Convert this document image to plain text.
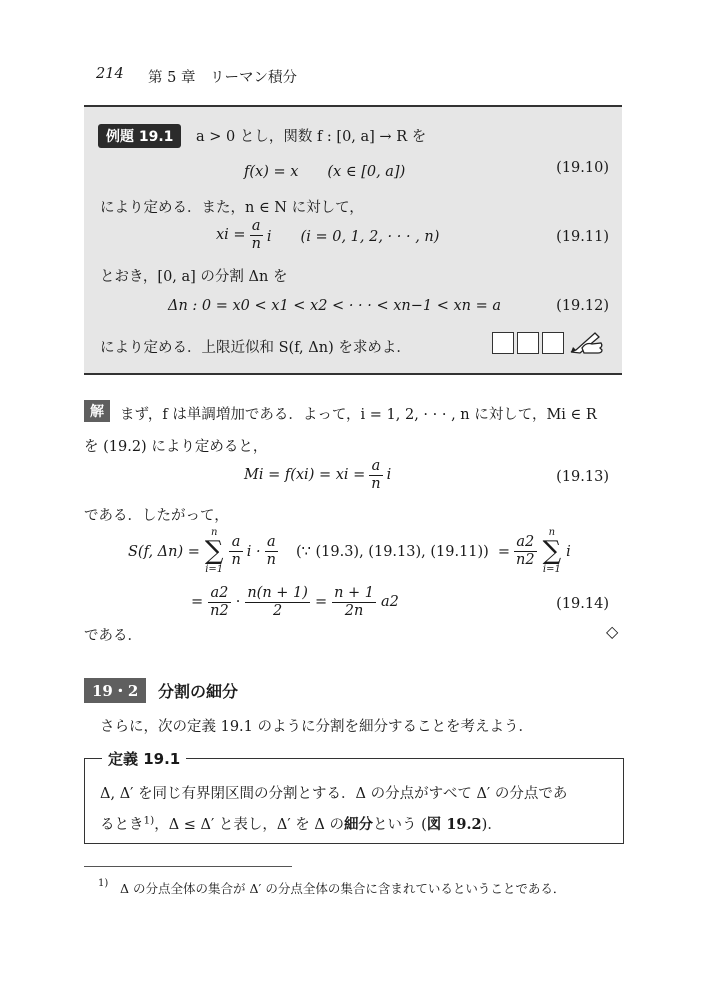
214 第 5 章　リーマン積分
例題 19.1	a > 0 とし，関数 f : [0, a] → R を
f(x) = x　　(x ∈ [0, a])	(19.10)
により定める．また，n ∈ N に対して，
xi = $\frac{a}{n}$ i　　(i = 0, 1, 2, · · · , n)	(19.11)
とおき，[0, a] の分割 Δn を
Δn : 0 = x0 < x1 < x2 < · · · < xn−1 < xn = a	(19.12)
により定める．上限近似和 S(f, Δn) を求めよ．
解	まず，f は単調増加である．よって，i = 1, 2, · · · , n に対して，Mi ∈ R
を (19.2) により定めると，
Mi = f(xi) = xi = $\frac{a}{n}$ i	(19.13)
である．したがって，
S(f, Δn) =
n
∑
i=1
$\frac{a}{n}$ $i \cdot \frac{a}{n}$ (∵ (19.3), (19.13), $(19.11)) = \frac{a2}{n2}$
n
∑
i=1
i
= $\frac{a2}{n2} \cdot \frac{n(n + 1)}{2} = \frac{n + 1}{2n} a2$	(19.14)
である．	◇
19・2	分割の細分
さらに，次の定義 19.1 のように分割を細分することを考えよう．
定義 19.1
Δ, Δ′ を同じ有界閉区間の分割とする．Δ の分点がすべて Δ′ の分点であ
るとき$^{1)}$，Δ ≤ Δ′ と表し，Δ′ を Δ の細分という (図 19.2)．
1) Δ の分点全体の集合が Δ′ の分点全体の集合に含まれているということである．
